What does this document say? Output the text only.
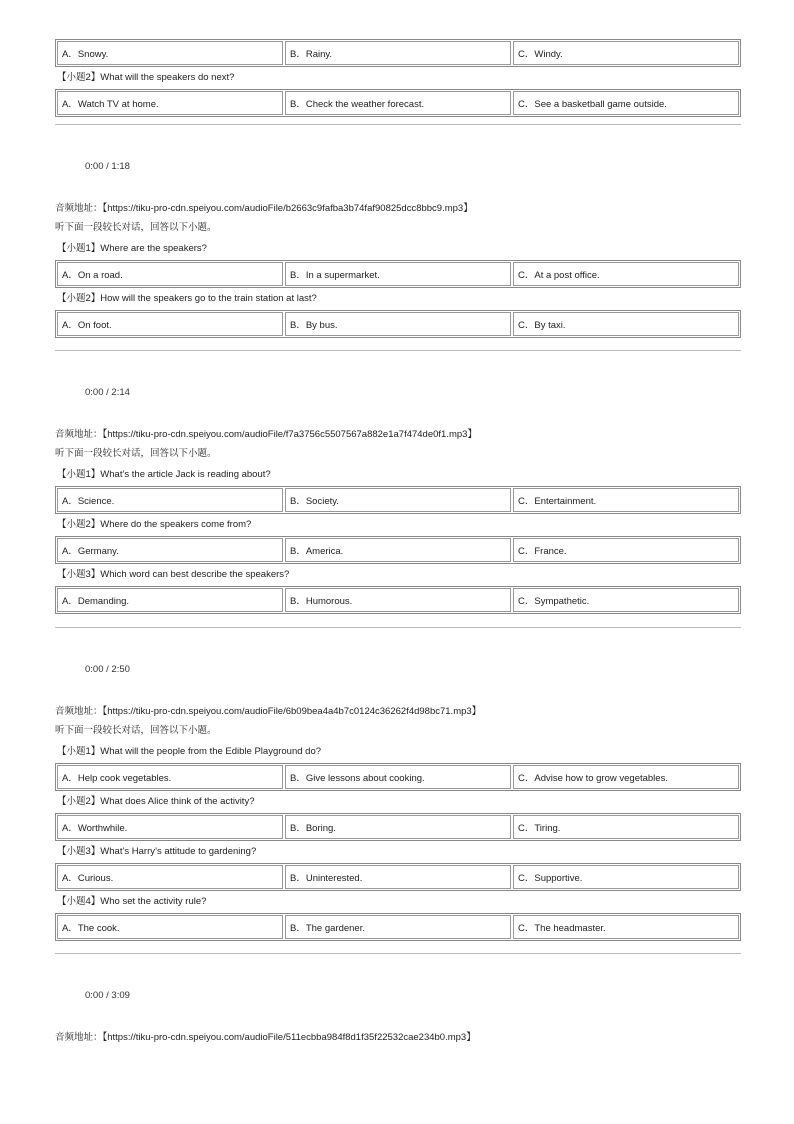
A．Snowy.	B．Rainy.	C．Windy.
【小题2】What will the speakers do next?
A．Watch TV at home.	B．Check the weather forecast.	C．See a basketball game outside.
0:00 / 1:18
音频地址：【https://tiku-pro-cdn.speiyou.com/audioFile/b2663c9fafba3b74faf90825dcc8bbc9.mp3】
听下面一段较长对话，回答以下小题。
【小题1】Where are the speakers?
A．On a road.	B．In a supermarket.	C．At a post office.
【小题2】How will the speakers go to the train station at last?
A．On foot.	B．By bus.	C．By taxi.
0:00 / 2:14
音频地址：【https://tiku-pro-cdn.speiyou.com/audioFile/f7a3756c5507567a882e1a7f474de0f1.mp3】
听下面一段较长对话，回答以下小题。
【小题1】What’s the article Jack is reading about?
A．Science.	B．Society.	C．Entertainment.
【小题2】Where do the speakers come from?
A．Germany.	B．America.	C．France.
【小题3】Which word can best describe the speakers?
A．Demanding.	B．Humorous.	C．Sympathetic.
0:00 / 2:50
音频地址：【https://tiku-pro-cdn.speiyou.com/audioFile/6b09bea4a4b7c0124c36262f4d98bc71.mp3】
听下面一段较长对话，回答以下小题。
【小题1】What will the people from the Edible Playground do?
A．Help cook vegetables.	B．Give lessons about cooking.	C．Advise how to grow vegetables.
【小题2】What does Alice think of the activity?
A．Worthwhile.	B．Boring.	C．Tiring.
【小题3】What’s Harry’s attitude to gardening?
A．Curious.	B．Uninterested.	C．Supportive.
【小题4】Who set the activity rule?
A．The cook.	B．The gardener.	C．The headmaster.
0:00 / 3:09
音频地址：【https://tiku-pro-cdn.speiyou.com/audioFile/511ecbba984f8d1f35f22532cae234b0.mp3】
